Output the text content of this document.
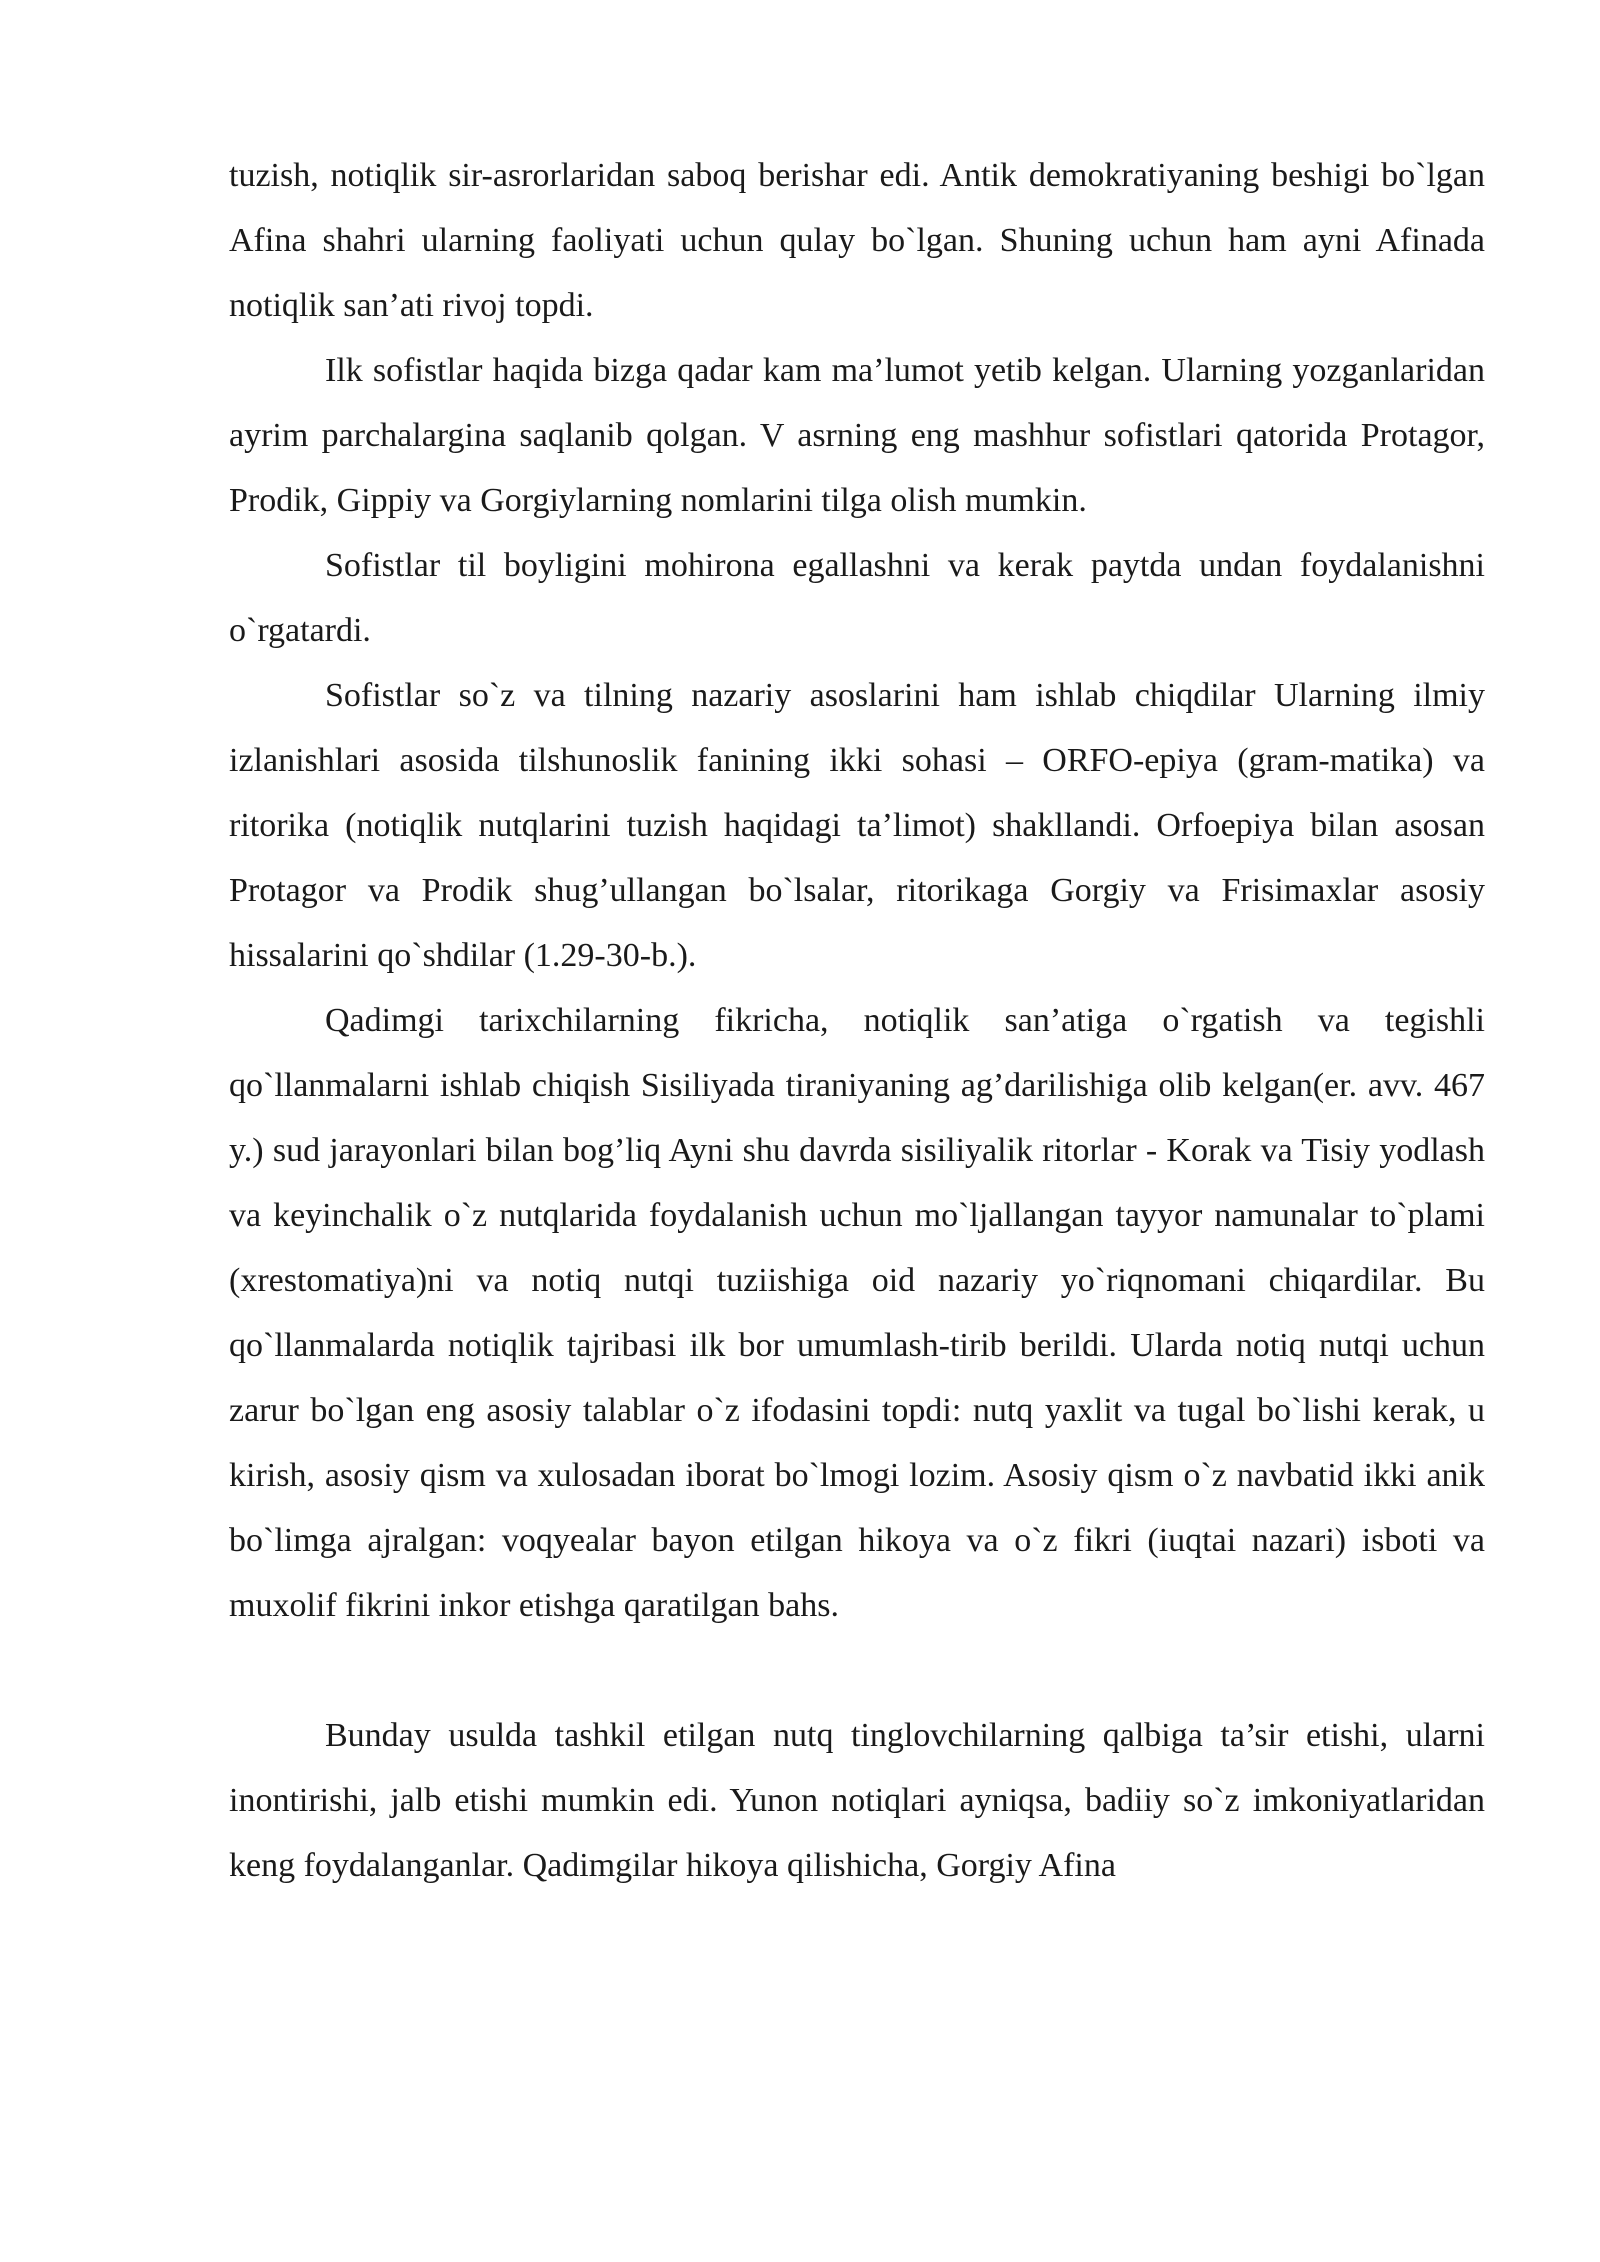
tuzish, notiqlik sir-asrorlaridan saboq berishar edi. Antik demokratiyaning beshigi bo`lgan Afina shahri ularning faoliyati uchun qulay bo`lgan. Shuning uchun ham ayni Afinada notiqlik san’ati rivoj topdi.

Ilk sofistlar haqida bizga qadar kam ma’lumot yetib kelgan. Ularning yozganlaridan ayrim parchalargina saqlanib qolgan. V asrning eng mashhur sofistlari qatorida Protagor, Prodik, Gippiy va Gorgiylarning nomlarini tilga olish mumkin.

Sofistlar til boyligini mohirona egallashni va kerak paytda undan foydalanishni o`rgatardi.

Sofistlar so`z va tilning nazariy asoslarini ham ishlab chiqdilar Ularning ilmiy izlanishlari asosida tilshunoslik fanining ikki sohasi – ORFO-epiya (gram-matika) va ritorika (notiqlik nutqlarini tuzish haqidagi ta’limot) shakllandi. Orfoepiya bilan asosan Protagor va Prodik shug’ullangan bo`lsalar, ritorikaga Gorgiy va Frisimaxlar asosiy hissalarini qo`shdilar (1.29-30-b.).

Qadimgi tarixchilarning fikricha, notiqlik san’atiga o`rgatish va tegishli qo`llanmalarni ishlab chiqish Sisiliyada tiraniyaning ag’darilishiga olib kelgan(er. avv. 467 y.) sud jarayonlari bilan bog’liq Ayni shu davrda sisiliyalik ritorlar - Korak va Tisiy yodlash va keyinchalik o`z nutqlarida foydalanish uchun mo`ljallangan tayyor namunalar to`plami (xrestomatiya)ni va notiq nutqi tuziishiga oid nazariy yo`riqnomani chiqardilar. Bu qo`llanmalarda notiqlik tajribasi ilk bor umumlash-tirib berildi. Ularda notiq nutqi uchun zarur bo`lgan eng asosiy talablar o`z ifodasini topdi: nutq yaxlit va tugal bo`lishi kerak, u kirish, asosiy qism va xulosadan iborat bo`lmogi lozim. Asosiy qism o`z navbatid ikki anik bo`limga ajralgan: voqyealar bayon etilgan hikoya va o`z fikri (iuqtai nazari) isboti va muxolif fikrini inkor etishga qaratilgan bahs.

Bunday usulda tashkil etilgan nutq tinglovchilarning qalbiga ta’sir etishi, ularni inontirishi, jalb etishi mumkin edi. Yunon notiqlari ayniqsa, badiiy so`z imkoniyatlaridan keng foydalanganlar. Qadimgilar hikoya qilishicha, Gorgiy Afina
